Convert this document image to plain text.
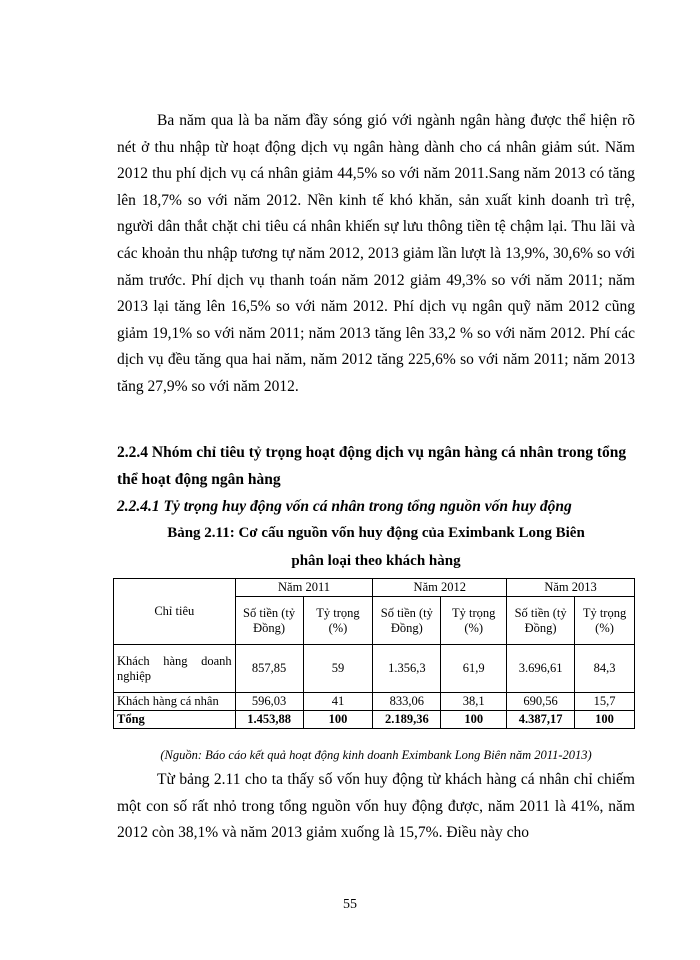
Ba năm qua là ba năm đầy sóng gió với ngành ngân hàng được thể hiện rõ nét ở thu nhập từ hoạt động dịch vụ ngân hàng dành cho cá nhân giảm sút. Năm 2012 thu phí dịch vụ cá nhân giảm 44,5% so với năm 2011.Sang năm 2013 có tăng lên 18,7% so với năm 2012. Nền kinh tế khó khăn, sản xuất kinh doanh trì trệ, người dân thắt chặt chi tiêu cá nhân khiến sự lưu thông tiền tệ chậm lại. Thu lãi và các khoản thu nhập tương tự năm 2012, 2013 giảm lần lượt là 13,9%, 30,6% so với năm trước. Phí dịch vụ thanh toán năm 2012 giảm 49,3% so với năm 2011; năm 2013 lại tăng lên 16,5% so với năm 2012. Phí dịch vụ ngân quỹ năm 2012 cũng giảm 19,1% so với năm 2011; năm 2013 tăng lên 33,2 % so với năm 2012. Phí các dịch vụ đều tăng qua hai năm, năm 2012 tăng 225,6% so với năm 2011; năm 2013 tăng 27,9% so với năm 2012.

2.2.4 Nhóm chỉ tiêu tỷ trọng hoạt động dịch vụ ngân hàng cá nhân trong tổng thể hoạt động ngân hàng

2.2.4.1 Tỷ trọng huy động vốn cá nhân trong tổng nguồn vốn huy động

Bảng 2.11: Cơ cấu nguồn vốn huy động của Eximbank Long Biên

phân loại theo khách hàng

Chỉ tiêu	Năm 2011		Năm 2012		Năm 2013	
	Số tiền (tỷ Đồng)	Tỷ trọng (%)	Số tiền (tỷ Đồng)	Tỷ trọng (%)	Số tiền (tỷ Đồng)	Tỷ trọng (%)
Khách hàng doanh nghiệp	857,85	59	1.356,3	61,9	3.696,61	84,3
Khách hàng cá nhân	596,03	41	833,06	38,1	690,56	15,7
Tổng	1.453,88	100	2.189,36	100	4.387,17	100

(Nguồn: Báo cáo kết quả hoạt động kinh doanh Eximbank Long Biên năm 2011-2013)

Từ bảng 2.11 cho ta thấy số vốn huy động từ khách hàng cá nhân chỉ chiếm một con số rất nhỏ trong tổng nguồn vốn huy động được, năm 2011 là 41%, năm 2012 còn 38,1% và năm 2013 giảm xuống là 15,7%. Điều này cho

55
